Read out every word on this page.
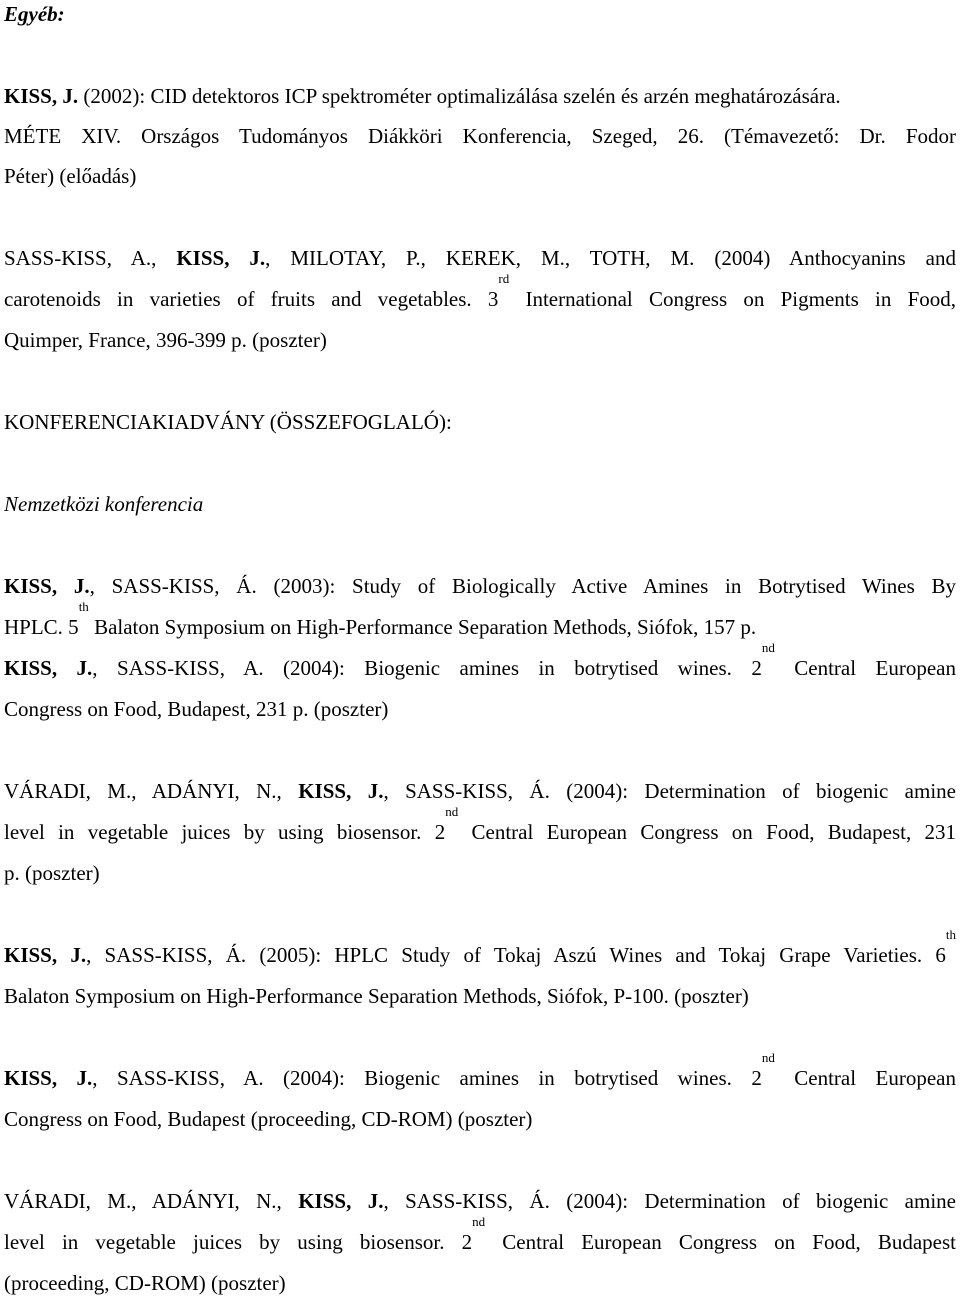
Egyéb:
KISS, J. (2002): CID detektoros ICP spektrométer optimalizálása szelén és arzén meghatározására.
MÉTE XIV. Országos Tudományos Diákköri Konferencia, Szeged, 26. (Témavezető: Dr. Fodor
Péter) (előadás)
SASS-KISS, A., KISS, J., MILOTAY, P., KEREK, M., TOTH, M. (2004) Anthocyanins and
carotenoids in varieties of fruits and vegetables. 3rd International Congress on Pigments in Food,
Quimper, France, 396-399 p. (poszter)
KONFERENCIAKIADVÁNY (ÖSSZEFOGLALÓ):
Nemzetközi konferencia
KISS, J., SASS-KISS, Á. (2003): Study of Biologically Active Amines in Botrytised Wines By
HPLC. 5th Balaton Symposium on High-Performance Separation Methods, Siófok, 157 p.
KISS, J., SASS-KISS, A. (2004): Biogenic amines in botrytised wines. 2nd Central European
Congress on Food, Budapest, 231 p. (poszter)
VÁRADI, M., ADÁNYI, N., KISS, J., SASS-KISS, Á. (2004): Determination of biogenic amine
level in vegetable juices by using biosensor. 2nd Central European Congress on Food, Budapest, 231
p. (poszter)
KISS, J., SASS-KISS, Á. (2005): HPLC Study of Tokaj Aszú Wines and Tokaj Grape Varieties. 6th
Balaton Symposium on High-Performance Separation Methods, Siófok, P-100. (poszter)
KISS, J., SASS-KISS, A. (2004): Biogenic amines in botrytised wines. 2nd Central European
Congress on Food, Budapest (proceeding, CD-ROM) (poszter)
VÁRADI, M., ADÁNYI, N., KISS, J., SASS-KISS, Á. (2004): Determination of biogenic amine
level in vegetable juices by using biosensor. 2nd Central European Congress on Food, Budapest
(proceeding, CD-ROM) (poszter)
